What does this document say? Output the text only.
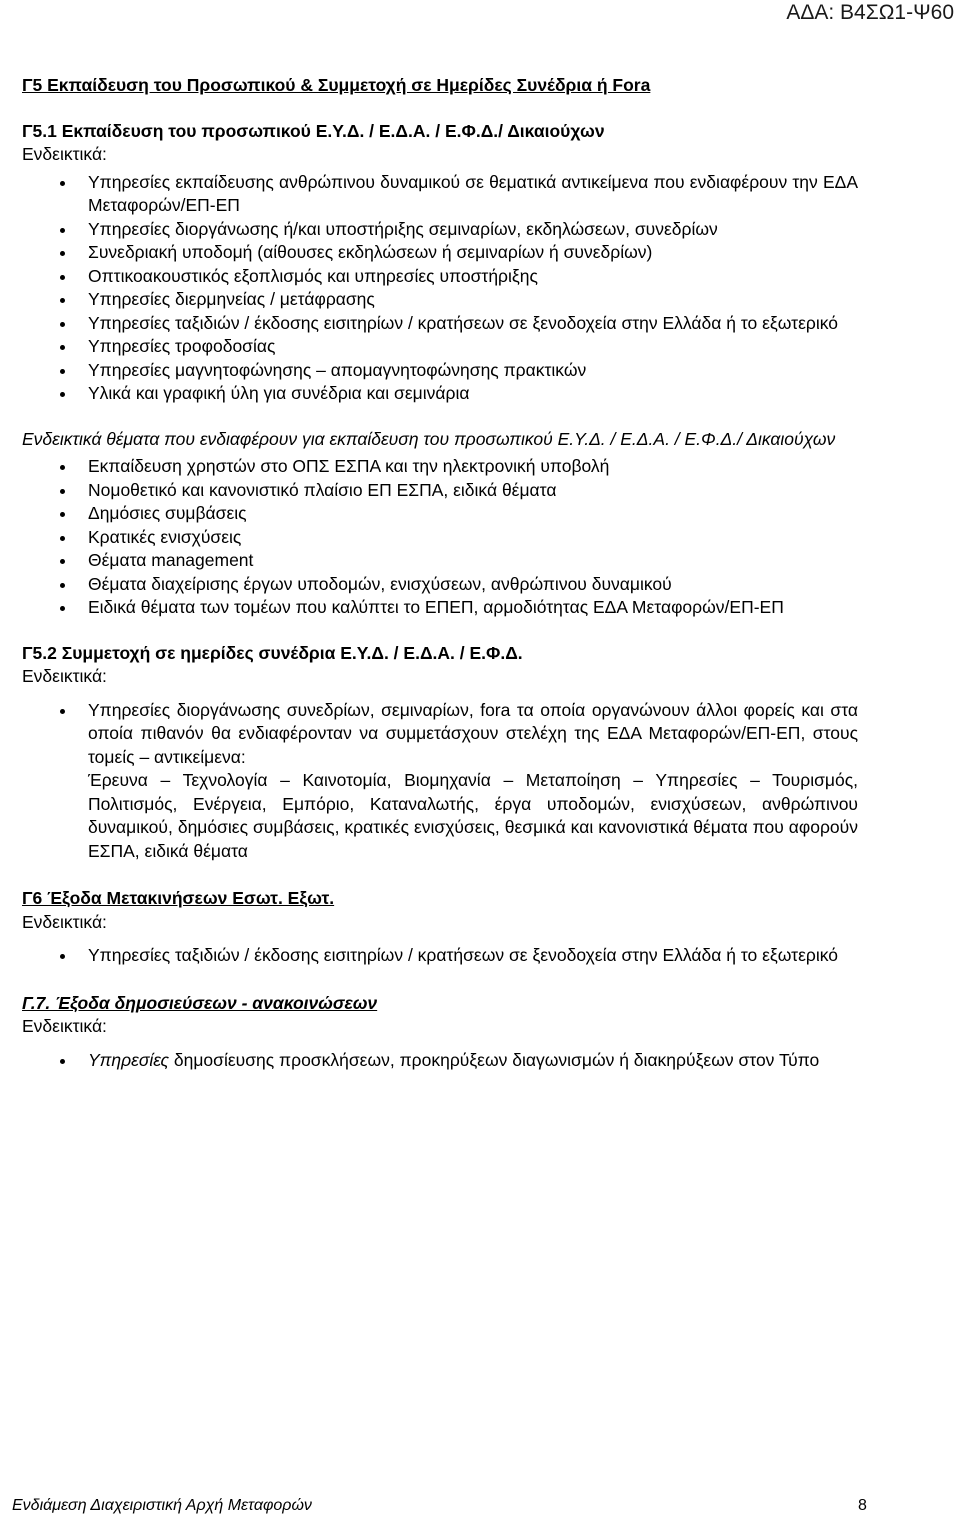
ΑΔΑ: Β4ΣΩ1-Ψ60
Γ5 Εκπαίδευση του Προσωπικού & Συμμετοχή σε Ημερίδες Συνέδρια ή Fora
Γ5.1 Εκπαίδευση του προσωπικού Ε.Υ.Δ. / Ε.Δ.Α. / Ε.Φ.Δ./ Δικαιούχων
Ενδεικτικά:
Υπηρεσίες εκπαίδευσης ανθρώπινου δυναμικού σε θεματικά αντικείμενα που ενδιαφέρουν την ΕΔΑ Μεταφορών/ΕΠ-ΕΠ
Υπηρεσίες διοργάνωσης ή/και υποστήριξης σεμιναρίων, εκδηλώσεων, συνεδρίων
Συνεδριακή υποδομή (αίθουσες εκδηλώσεων ή σεμιναρίων ή συνεδρίων)
Οπτικοακουστικός εξοπλισμός και υπηρεσίες υποστήριξης
Υπηρεσίες διερμηνείας / μετάφρασης
Υπηρεσίες ταξιδιών / έκδοσης εισιτηρίων / κρατήσεων σε ξενοδοχεία στην Ελλάδα ή το εξωτερικό
Υπηρεσίες τροφοδοσίας
Υπηρεσίες μαγνητοφώνησης – απομαγνητοφώνησης πρακτικών
Υλικά και γραφική ύλη για συνέδρια και σεμινάρια
Ενδεικτικά θέματα που ενδιαφέρουν για εκπαίδευση του προσωπικού Ε.Υ.Δ. / Ε.Δ.Α. / Ε.Φ.Δ./ Δικαιούχων
Εκπαίδευση χρηστών στο ΟΠΣ ΕΣΠΑ και την ηλεκτρονική υποβολή
Νομοθετικό και κανονιστικό πλαίσιο ΕΠ ΕΣΠΑ, ειδικά θέματα
Δημόσιες συμβάσεις
Κρατικές ενισχύσεις
Θέματα management
Θέματα διαχείρισης έργων υποδομών, ενισχύσεων, ανθρώπινου δυναμικού
Ειδικά θέματα των τομέων που καλύπτει το ΕΠΕΠ, αρμοδιότητας ΕΔΑ Μεταφορών/ΕΠ-ΕΠ
Γ5.2 Συμμετοχή σε ημερίδες συνέδρια Ε.Υ.Δ. / Ε.Δ.Α. / Ε.Φ.Δ.
Ενδεικτικά:
Υπηρεσίες διοργάνωσης συνεδρίων, σεμιναρίων, fora τα οποία οργανώνουν άλλοι φορείς και στα οποία πιθανόν θα ενδιαφέρονταν να συμμετάσχουν στελέχη της ΕΔΑ Μεταφορών/ΕΠ-ΕΠ, στους τομείς – αντικείμενα:
Έρευνα – Τεχνολογία – Καινοτομία, Βιομηχανία – Μεταποίηση – Υπηρεσίες – Τουρισμός, Πολιτισμός, Ενέργεια, Εμπόριο, Καταναλωτής, έργα υποδομών, ενισχύσεων, ανθρώπινου δυναμικού, δημόσιες συμβάσεις, κρατικές ενισχύσεις, θεσμικά και κανονιστικά θέματα που αφορούν ΕΣΠΑ, ειδικά θέματα
Γ6 Έξοδα Μετακινήσεων Εσωτ. Εξωτ.
Ενδεικτικά:
Υπηρεσίες ταξιδιών / έκδοσης εισιτηρίων / κρατήσεων σε ξενοδοχεία στην Ελλάδα ή το εξωτερικό
Γ.7. Έξοδα δημοσιεύσεων - ανακοινώσεων
Ενδεικτικά:
Υπηρεσίες δημοσίευσης προσκλήσεων, προκηρύξεων διαγωνισμών ή διακηρύξεων στον Τύπο
Ενδιάμεση Διαχειριστική Αρχή Μεταφορών	8
